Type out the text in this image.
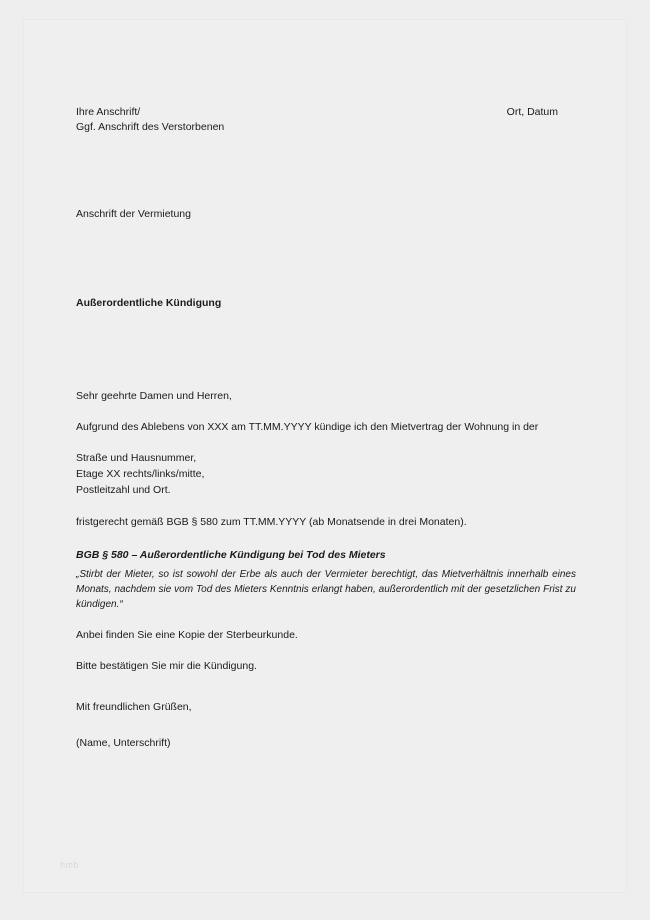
Ihre Anschrift/
Ggf. Anschrift des Verstorbenen
Ort, Datum
Anschrift der Vermietung
Außerordentliche Kündigung
Sehr geehrte Damen und Herren,
Aufgrund des Ablebens von XXX am TT.MM.YYYY kündige ich den Mietvertrag der Wohnung in der
Straße und Hausnummer,
Etage XX rechts/links/mitte,
Postleitzahl und Ort.
fristgerecht gemäß BGB § 580 zum TT.MM.YYYY (ab Monatsende in drei Monaten).
BGB § 580 – Außerordentliche Kündigung bei Tod des Mieters
„Stirbt der Mieter, so ist sowohl der Erbe als auch der Vermieter berechtigt, das Mietverhältnis innerhalb eines Monats, nachdem sie vom Tod des Mieters Kenntnis erlangt haben, außerordentlich mit der gesetzlichen Frist zu kündigen.“
Anbei finden Sie eine Kopie der Sterbeurkunde.
Bitte bestätigen Sie mir die Kündigung.
Mit freundlichen Grüßen,
(Name, Unterschrift)
hmb
